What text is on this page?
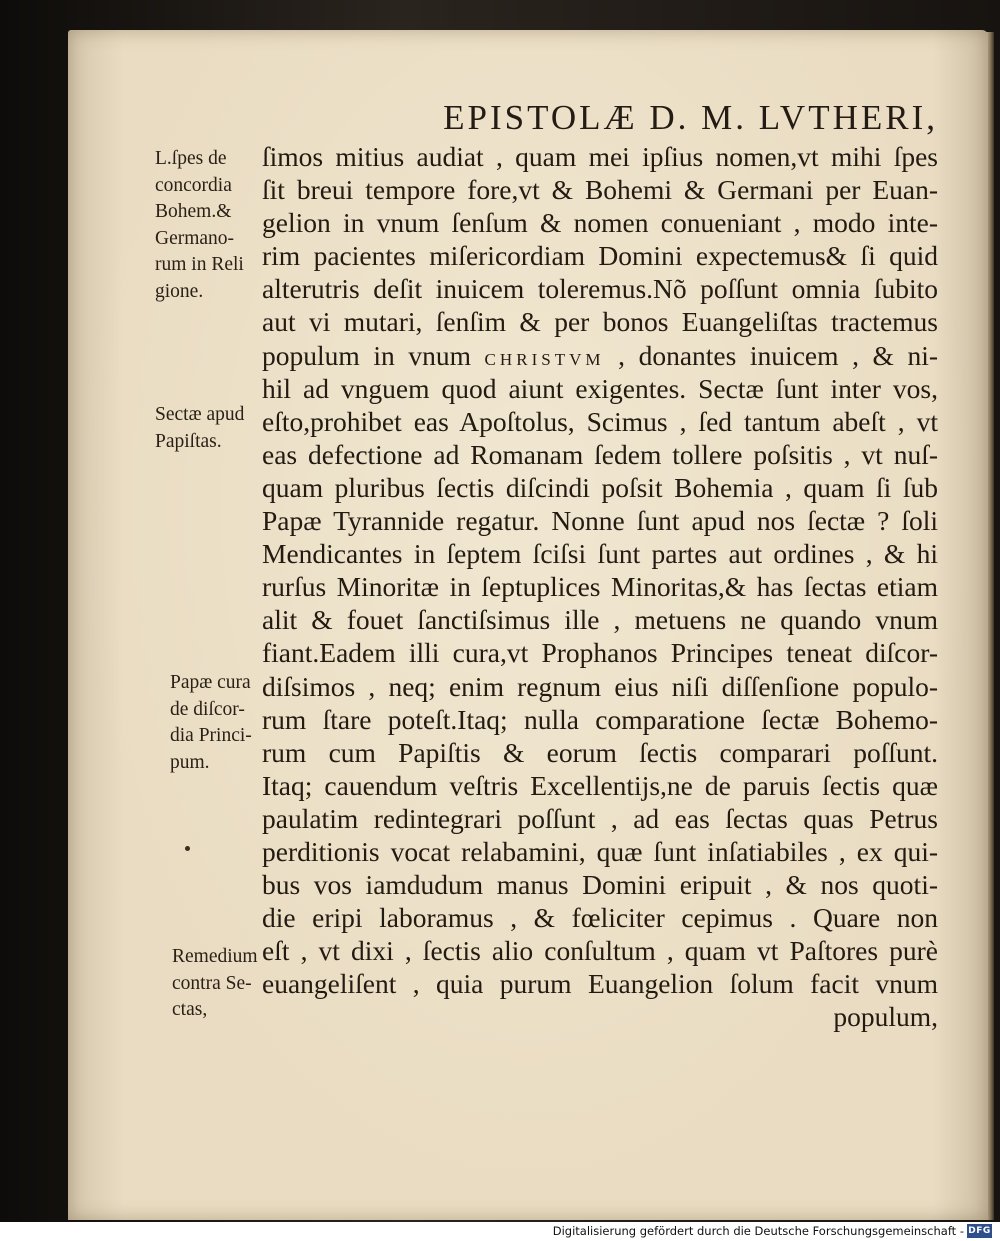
EPISTOLÆ D. M. LVTHERI,
L.ſpes de
concordia
Bohem.&
Germano-
rum in Reli
gione.
Sectæ apud
Papiſtas.
Papæ cura
de diſcor-
dia Princi-
pum.
Remedium
contra Se-
ctas,
ſimos mitius audiat , quam mei ipſius nomen,vt mihi ſpes
ſit breui tempore fore,vt & Bohemi & Germani per Euan-
gelion in vnum ſenſum & nomen conueniant , modo inte-
rim pacientes miſericordiam Domini expectemus& ſi quid
alterutris deſit inuicem toleremus.Nõ poſſunt omnia ſubito
aut vi mutari, ſenſim & per bonos Euangeliſtas tractemus
populum in vnum CHRISTVM , donantes inuicem , & ni-
hil ad vnguem quod aiunt exigentes. Sectæ ſunt inter vos,
eſto,prohibet eas Apoſtolus, Scimus , ſed tantum abeſt , vt
eas defectione ad Romanam ſedem tollere poſsitis , vt nuſ-
quam pluribus ſectis diſcindi poſsit Bohemia , quam ſi ſub
Papæ Tyrannide regatur. Nonne ſunt apud nos ſectæ ? ſoli
Mendicantes in ſeptem ſciſsi ſunt partes aut ordines , & hi
rurſus Minoritæ in ſeptuplices Minoritas,& has ſectas etiam
alit & fouet ſanctiſsimus ille , metuens ne quando vnum
fiant.Eadem illi cura,vt Prophanos Principes teneat diſcor-
diſsimos , neq; enim regnum eius niſi diſſenſione populo-
rum ſtare poteſt.Itaq; nulla comparatione ſectæ Bohemo-
rum cum Papiſtis & eorum ſectis comparari poſſunt.
Itaq; cauendum veſtris Excellentijs,ne de paruis ſectis quæ
paulatim redintegrari poſſunt , ad eas ſectas quas Petrus
perditionis vocat relabamini, quæ ſunt inſatiabiles , ex qui-
bus vos iamdudum manus Domini eripuit , & nos quoti-
die eripi laboramus , & fœliciter cepimus . Quare non
eſt , vt dixi , ſectis alio conſultum , quam vt Paſtores purè
euangeliſent , quia purum Euangelion ſolum facit vnum
populum,
Digitalisierung gefördert durch die Deutsche Forschungsgemeinschaft - DFG
